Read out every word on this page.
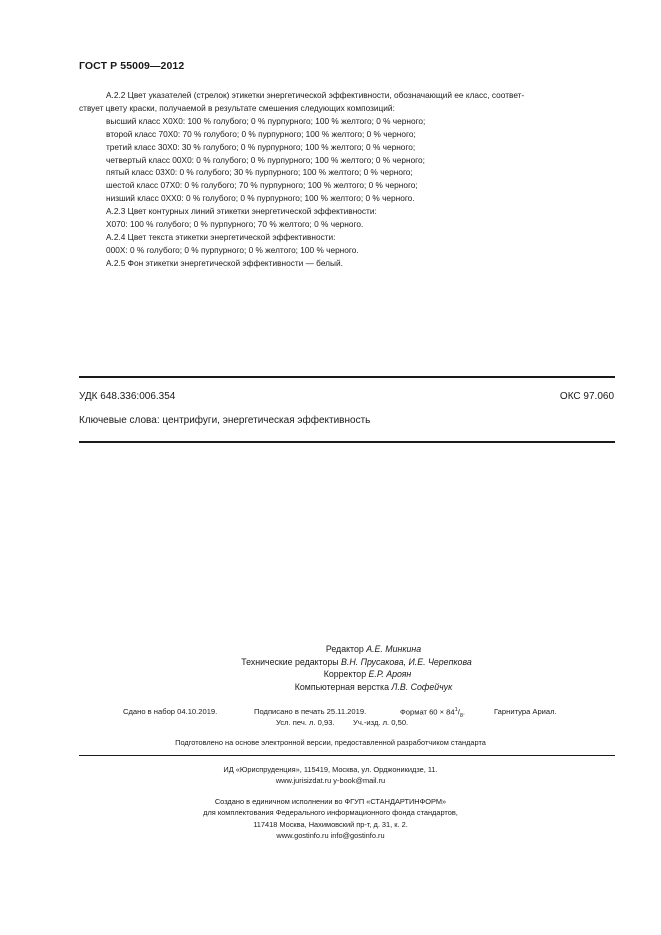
ГОСТ Р 55009—2012
А.2.2 Цвет указателей (стрелок) этикетки энергетической эффективности, обозначающий ее класс, соответ-
ствует цвету краски, получаемой в результате смешения следующих композиций:
высший класс Х0Х0: 100 % голубого; 0 % пурпурного; 100 % желтого; 0 % черного;
второй класс 70Х0: 70 % голубого; 0 % пурпурного; 100 % желтого; 0 % черного;
третий класс 30Х0: 30 % голубого; 0 % пурпурного; 100 % желтого; 0 % черного;
четвертый класс 00Х0: 0 % голубого; 0 % пурпурного; 100 % желтого; 0 % черного;
пятый класс 03Х0: 0 % голубого; 30 % пурпурного; 100 % желтого; 0 % черного;
шестой класс 07Х0: 0 % голубого; 70 % пурпурного; 100 % желтого; 0 % черного;
низший класс 0ХХ0: 0 % голубого; 0 % пурпурного; 100 % желтого; 0 % черного.
А.2.3 Цвет контурных линий этикетки энергетической эффективности:
Х070: 100 % голубого; 0 % пурпурного; 70 % желтого; 0 % черного.
А.2.4 Цвет текста этикетки энергетической эффективности:
000Х: 0 % голубого; 0 % пурпурного; 0 % желтого; 100 % черного.
А.2.5 Фон этикетки энергетической эффективности — белый.
УДК 648.336:006.354	ОКС 97.060
Ключевые слова: центрифуги, энергетическая эффективность
Редактор А.Е. Минкина
Технические редакторы В.Н. Прусакова, И.Е. Черепкова
Корректор Е.Р. Ароян
Компьютерная верстка Л.В. Софейчук
Сдано в набор 04.10.2019.	Подписано в печать 25.11.2019.	Формат $60 \times 84^1/_8$.	Гарнитура Ариал.
Усл. печ. л. 0,93. Уч.-изд. л. 0,50.
Подготовлено на основе электронной версии, предоставленной разработчиком стандарта
ИД «Юриспруденция», 115419, Москва, ул. Орджоникидзе, 11.
www.jurisizdat.ru y-book@mail.ru
Создано в единичном исполнении во ФГУП «СТАНДАРТИНФОРМ»
для комплектования Федерального информационного фонда стандартов,
117418 Москва, Нахимовский пр-т, д. 31, к. 2.
www.gostinfo.ru info@gostinfo.ru
